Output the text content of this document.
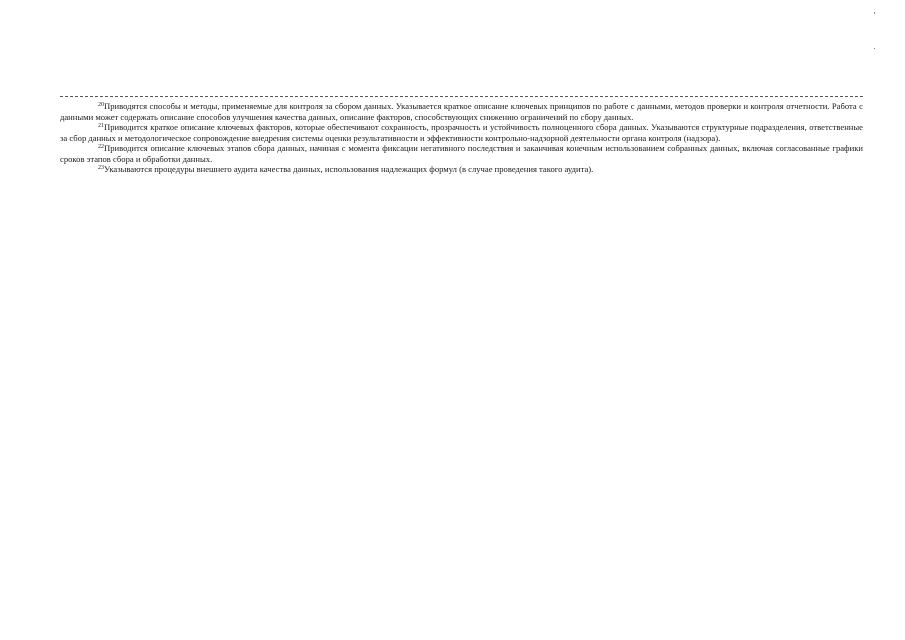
$^{20}$Приводятся способы и методы, применяемые для контроля за сбором данных. Указывается краткое описание ключевых принципов по работе с данными, методов проверки и контроля отчетности. Работа с данными может содержать описание способов улучшения качества данных, описание факторов, способствующих снижению ограничений по сбору данных.

$^{21}$Приводится краткое описание ключевых факторов, которые обеспечивают сохранность, прозрачность и устойчивость полноценного сбора данных. Указываются структурные подразделения, ответственные за сбор данных и методологическое сопровождение внедрения системы оценки результативности и эффективности контрольно-надзорной деятельности органа контроля (надзора).

$^{22}$Приводится описание ключевых этапов сбора данных, начиная с момента фиксации негативного последствия и заканчивая конечным использованием собранных данных, включая согласованные графики сроков этапов сбора и обработки данных.

$^{23}$Указываются процедуры внешнего аудита качества данных, использования надлежащих формул (в случае проведения такого аудита).
